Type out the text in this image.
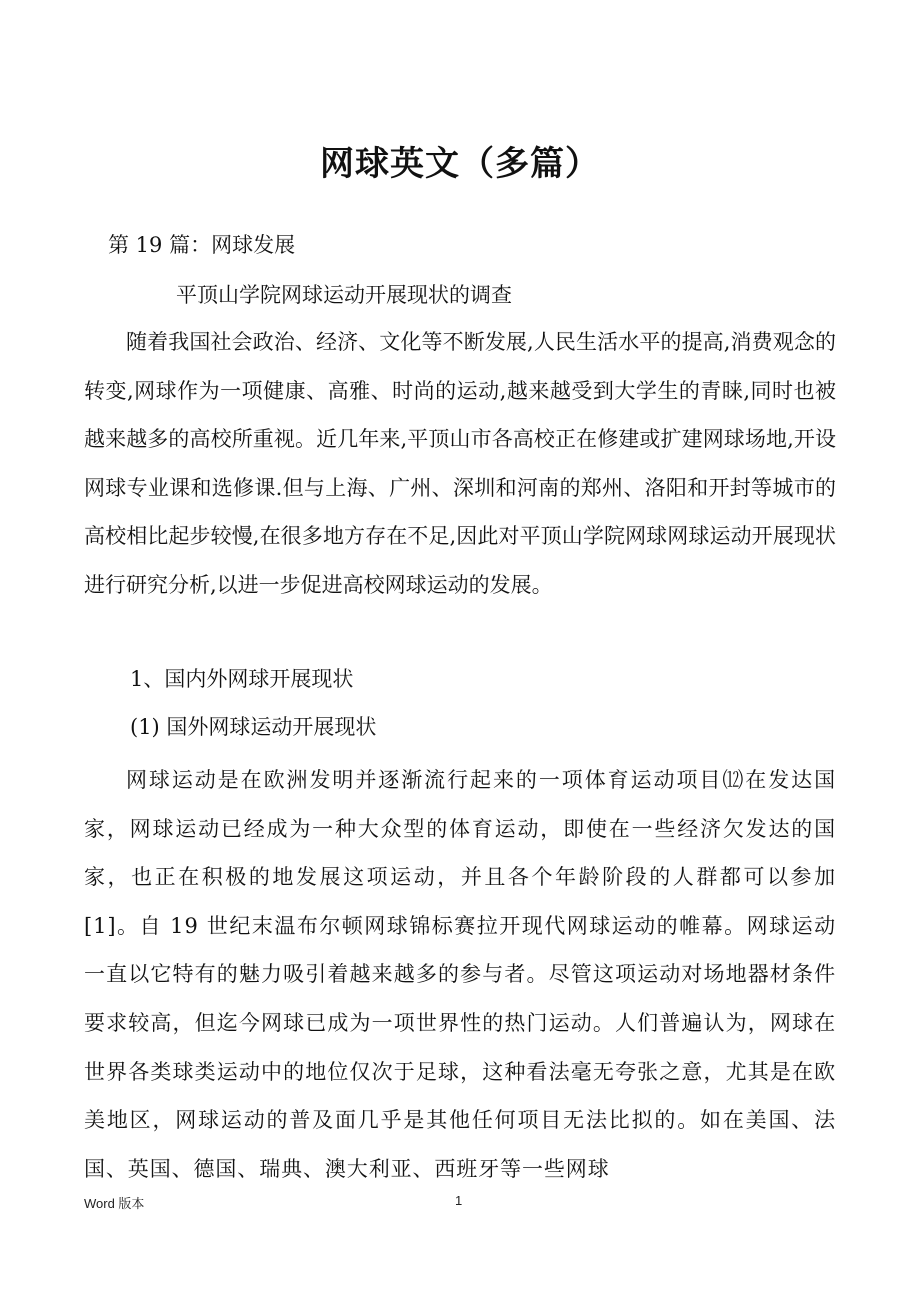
网球英文（多篇）
第 19 篇：网球发展
平顶山学院网球运动开展现状的调查

随着我国社会政治、经济、文化等不断发展,人民生活水平的提高,消费观念的转变,网球作为一项健康、高雅、时尚的运动,越来越受到大学生的青睐,同时也被越来越多的高校所重视。近几年来,平顶山市各高校正在修建或扩建网球场地,开设网球专业课和选修课.但与上海、广州、深圳和河南的郑州、洛阳和开封等城市的高校相比起步较慢,在很多地方存在不足,因此对平顶山学院网球网球运动开展现状进行研究分析,以进一步促进高校网球运动的发展。

1、国内外网球开展现状
(1) 国外网球运动开展现状

网球运动是在欧洲发明并逐渐流行起来的一项体育运动项目⑿在发达国家，网球运动已经成为一种大众型的体育运动，即使在一些经济欠发达的国家，也正在积极的地发展这项运动，并且各个年龄阶段的人群都可以参加[1]。自 19 世纪末温布尔顿网球锦标赛拉开现代网球运动的帷幕。网球运动一直以它特有的魅力吸引着越来越多的参与者。尽管这项运动对场地器材条件要求较高，但迄今网球已成为一项世界性的热门运动。人们普遍认为，网球在世界各类球类运动中的地位仅次于足球，这种看法毫无夸张之意，尤其是在欧美地区，网球运动的普及面几乎是其他任何项目无法比拟的。如在美国、法国、英国、德国、瑞典、澳大利亚、西班牙等一些网球

Word 版本	1
